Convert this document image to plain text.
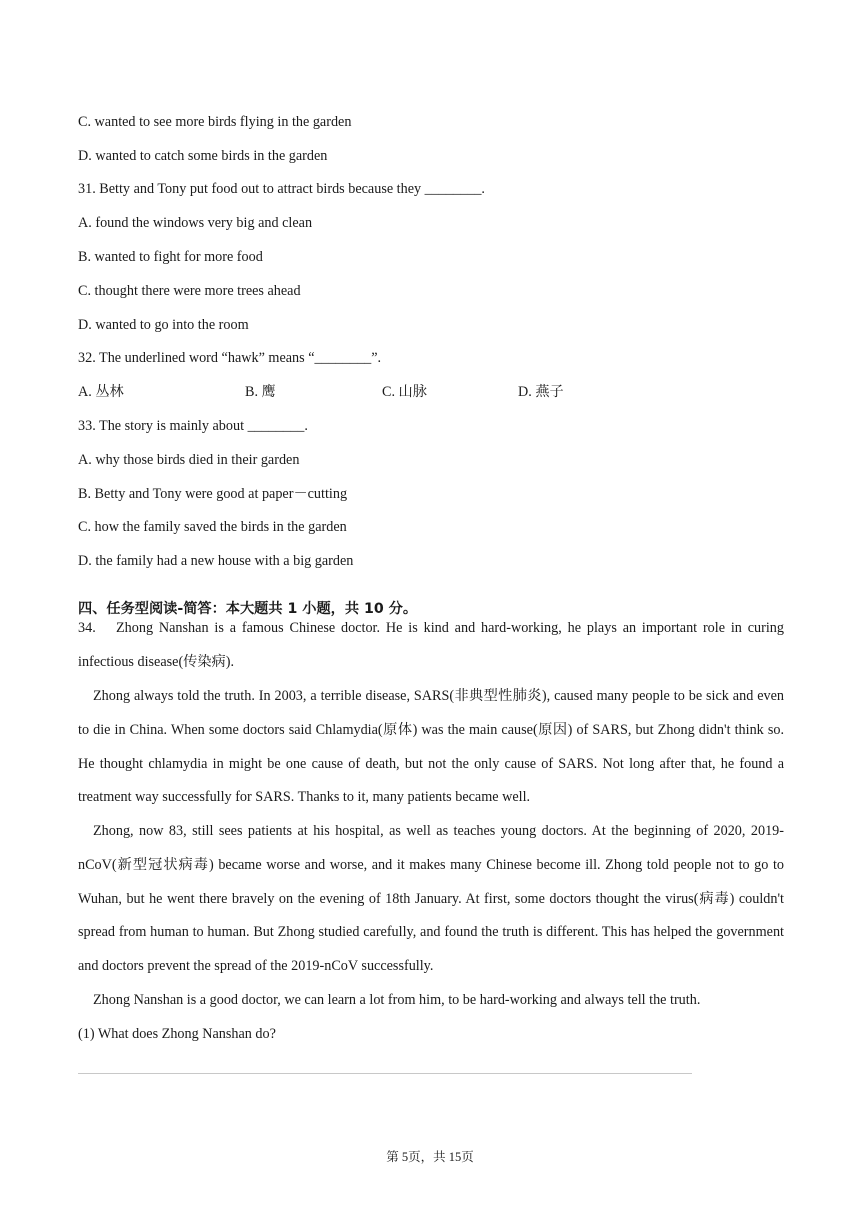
C. wanted to see more birds flying in the garden

D. wanted to catch some birds in the garden

31. Betty and Tony put food out to attract birds because they ________.

A. found the windows very big and clean

B. wanted to fight for more food

C. thought there were more trees ahead

D. wanted to go into the room

32. The underlined word “hawk” means “________”.

A. 丛林	B. 鹰	C. 山脉	D. 燕子

33. The story is mainly about ________.

A. why those birds died in their garden

B. Betty and Tony were good at paper－cutting

C. how the family saved the birds in the garden

D. the family had a new house with a big garden

四、任务型阅读-简答：本大题共 1 小题，共 10 分。

34. Zhong Nanshan is a famous Chinese doctor. He is kind and hard-working, he plays an important role in curing infectious disease(传染病).

Zhong always told the truth. In 2003, a terrible disease, SARS(非典型性肺炎), caused many people to be sick and even to die in China. When some doctors said Chlamydia(原体) was the main cause(原因) of SARS, but Zhong didn't think so. He thought chlamydia in might be one cause of death, but not the only cause of SARS. Not long after that, he found a treatment way successfully for SARS. Thanks to it, many patients became well.

Zhong, now 83, still sees patients at his hospital, as well as teaches young doctors. At the beginning of 2020, 2019-nCoV(新型冠状病毒) became worse and worse, and it makes many Chinese become ill. Zhong told people not to go to Wuhan, but he went there bravely on the evening of 18th January. At first, some doctors thought the virus(病毒) couldn't spread from human to human. But Zhong studied carefully, and found the truth is different. This has helped the government and doctors prevent the spread of the 2019-nCoV successfully.

Zhong Nanshan is a good doctor, we can learn a lot from him, to be hard-working and always tell the truth.

(1) What does Zhong Nanshan do?

第 5页，共 15页
